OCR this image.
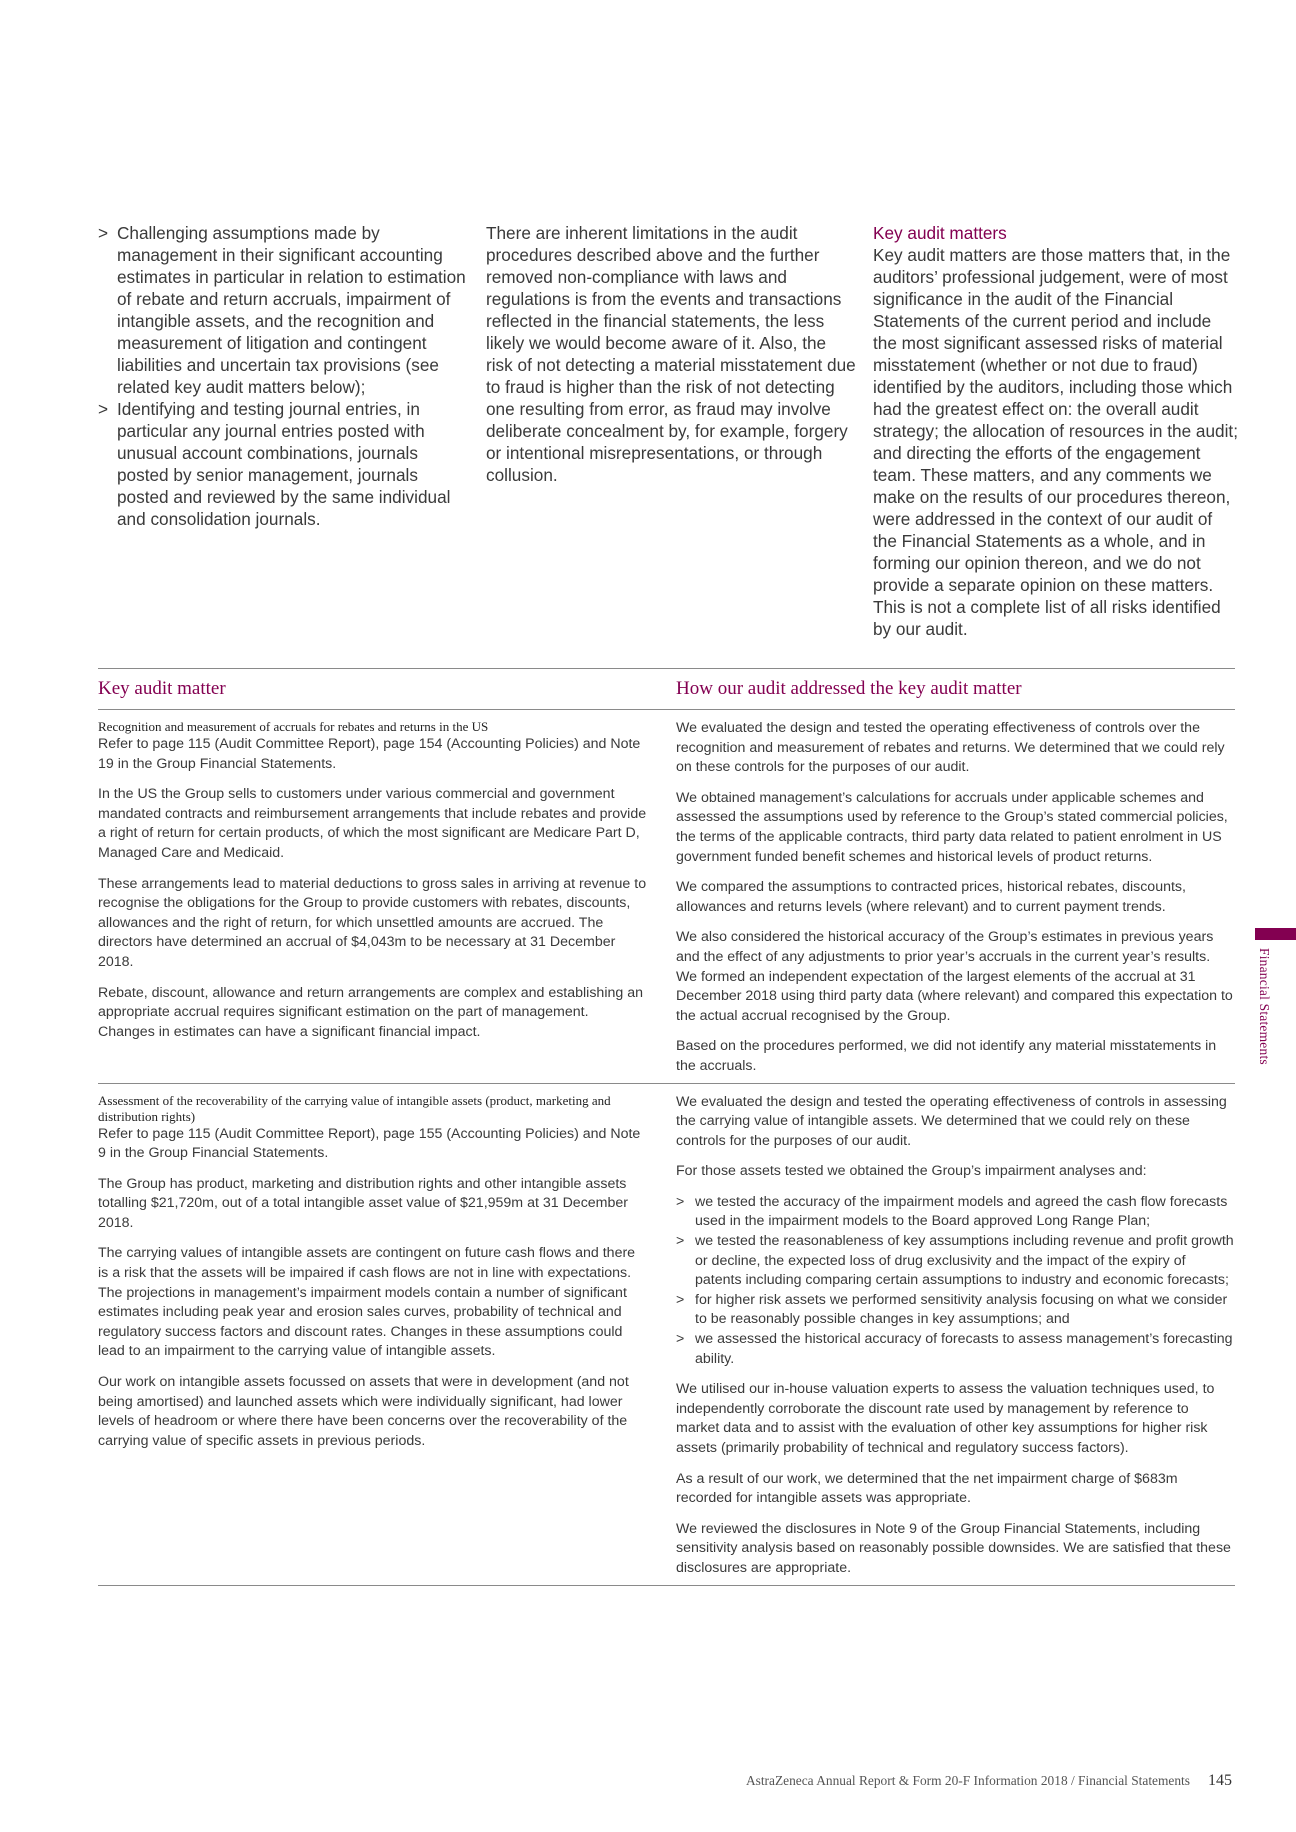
> Challenging assumptions made by management in their significant accounting estimates in particular in relation to estimation of rebate and return accruals, impairment of intangible assets, and the recognition and measurement of litigation and contingent liabilities and uncertain tax provisions (see related key audit matters below);
> Identifying and testing journal entries, in particular any journal entries posted with unusual account combinations, journals posted by senior management, journals posted and reviewed by the same individual and consolidation journals.

There are inherent limitations in the audit procedures described above and the further removed non-compliance with laws and regulations is from the events and transactions reflected in the financial statements, the less likely we would become aware of it. Also, the risk of not detecting a material misstatement due to fraud is higher than the risk of not detecting one resulting from error, as fraud may involve deliberate concealment by, for example, forgery or intentional misrepresentations, or through collusion.

Key audit matters

Key audit matters are those matters that, in the auditors’ professional judgement, were of most significance in the audit of the Financial Statements of the current period and include the most significant assessed risks of material misstatement (whether or not due to fraud) identified by the auditors, including those which had the greatest effect on: the overall audit strategy; the allocation of resources in the audit; and directing the efforts of the engagement team. These matters, and any comments we make on the results of our procedures thereon, were addressed in the context of our audit of the Financial Statements as a whole, and in forming our opinion thereon, and we do not provide a separate opinion on these matters. This is not a complete list of all risks identified by our audit.

Key audit matter	How our audit addressed the key audit matter
Recognition and measurement of accruals for rebates and returns in the US

Refer to page 115 (Audit Committee Report), page 154 (Accounting Policies) and Note 19 in the Group Financial Statements.

In the US the Group sells to customers under various commercial and government mandated contracts and reimbursement arrangements that include rebates and provide a right of return for certain products, of which the most significant are Medicare Part D, Managed Care and Medicaid.

These arrangements lead to material deductions to gross sales in arriving at revenue to recognise the obligations for the Group to provide customers with rebates, discounts, allowances and the right of return, for which unsettled amounts are accrued. The directors have determined an accrual of $4,043m to be necessary at 31 December 2018.

Rebate, discount, allowance and return arrangements are complex and establishing an appropriate accrual requires significant estimation on the part of management. Changes in estimates can have a significant financial impact.

We evaluated the design and tested the operating effectiveness of controls over the recognition and measurement of rebates and returns. We determined that we could rely on these controls for the purposes of our audit.

We obtained management’s calculations for accruals under applicable schemes and assessed the assumptions used by reference to the Group’s stated commercial policies, the terms of the applicable contracts, third party data related to patient enrolment in US government funded benefit schemes and historical levels of product returns.

We compared the assumptions to contracted prices, historical rebates, discounts, allowances and returns levels (where relevant) and to current payment trends.

We also considered the historical accuracy of the Group’s estimates in previous years and the effect of any adjustments to prior year’s accruals in the current year’s results. We formed an independent expectation of the largest elements of the accrual at 31 December 2018 using third party data (where relevant) and compared this expectation to the actual accrual recognised by the Group.

Based on the procedures performed, we did not identify any material misstatements in the accruals.

Assessment of the recoverability of the carrying value of intangible assets (product, marketing and distribution rights)

Refer to page 115 (Audit Committee Report), page 155 (Accounting Policies) and Note 9 in the Group Financial Statements.

The Group has product, marketing and distribution rights and other intangible assets totalling $21,720m, out of a total intangible asset value of $21,959m at 31 December 2018.

The carrying values of intangible assets are contingent on future cash flows and there is a risk that the assets will be impaired if cash flows are not in line with expectations. The projections in management’s impairment models contain a number of significant estimates including peak year and erosion sales curves, probability of technical and regulatory success factors and discount rates. Changes in these assumptions could lead to an impairment to the carrying value of intangible assets.

Our work on intangible assets focussed on assets that were in development (and not being amortised) and launched assets which were individually significant, had lower levels of headroom or where there have been concerns over the recoverability of the carrying value of specific assets in previous periods.

We evaluated the design and tested the operating effectiveness of controls in assessing the carrying value of intangible assets. We determined that we could rely on these controls for the purposes of our audit.

For those assets tested we obtained the Group’s impairment analyses and:

> we tested the accuracy of the impairment models and agreed the cash flow forecasts used in the impairment models to the Board approved Long Range Plan;
> we tested the reasonableness of key assumptions including revenue and profit growth or decline, the expected loss of drug exclusivity and the impact of the expiry of patents including comparing certain assumptions to industry and economic forecasts;
> for higher risk assets we performed sensitivity analysis focusing on what we consider to be reasonably possible changes in key assumptions; and
> we assessed the historical accuracy of forecasts to assess management’s forecasting ability.

We utilised our in-house valuation experts to assess the valuation techniques used, to independently corroborate the discount rate used by management by reference to market data and to assist with the evaluation of other key assumptions for higher risk assets (primarily probability of technical and regulatory success factors).

As a result of our work, we determined that the net impairment charge of $683m recorded for intangible assets was appropriate.

We reviewed the disclosures in Note 9 of the Group Financial Statements, including sensitivity analysis based on reasonably possible downsides. We are satisfied that these disclosures are appropriate.

Financial Statements
AstraZeneca Annual Report & Form 20-F Information 2018 / Financial Statements 145
